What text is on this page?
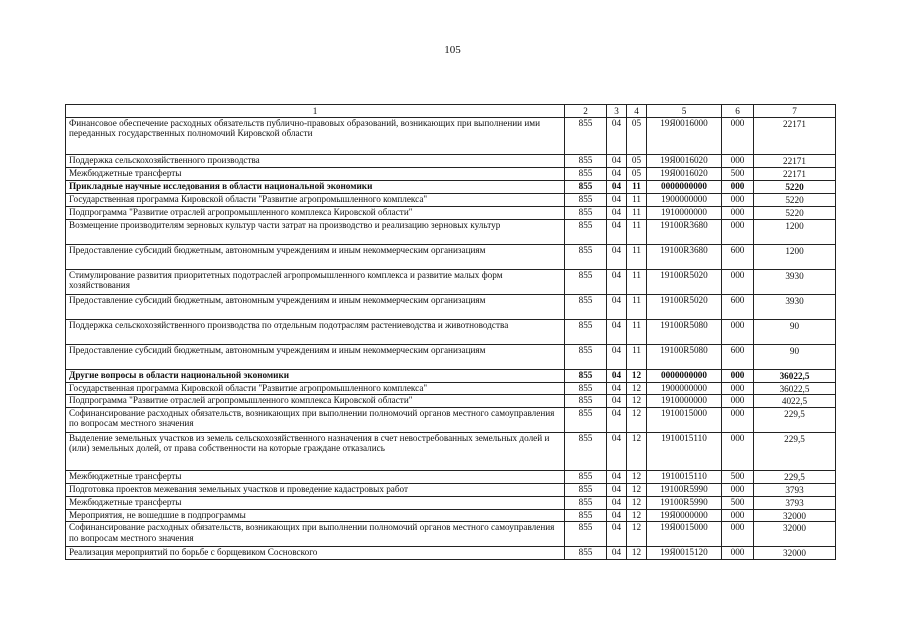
105
1	2	3	4	5	6	7
Финансовое обеспечение расходных обязательств публично-правовых образований, возникающих при выполнении ими переданных государственных полномочий Кировской области	855	04	05	19Я0016000	000	22171
Поддержка сельскохозяйственного производства	855	04	05	19Я0016020	000	22171
Межбюджетные трансферты	855	04	05	19Я0016020	500	22171
Прикладные научные исследования в области национальной экономики	855	04	11	0000000000	000	5220
Государственная программа Кировской области "Развитие агропромышленного комплекса"	855	04	11	1900000000	000	5220
Подпрограмма "Развитие отраслей агропромышленного комплекса Кировской области"	855	04	11	1910000000	000	5220
Возмещение производителям зерновых культур части затрат на производство и реализацию зерновых культур	855	04	11	19100R3680	000	1200
Предоставление субсидий бюджетным, автономным учреждениям и иным некоммерческим организациям	855	04	11	19100R3680	600	1200
Стимулирование развития приоритетных подотраслей агропромышленного комплекса и развитие малых форм хозяйствования	855	04	11	19100R5020	000	3930
Предоставление субсидий бюджетным, автономным учреждениям и иным некоммерческим организациям	855	04	11	19100R5020	600	3930
Поддержка сельскохозяйственного производства по отдельным подотраслям растениеводства и животноводства	855	04	11	19100R5080	000	90
Предоставление субсидий бюджетным, автономным учреждениям и иным некоммерческим организациям	855	04	11	19100R5080	600	90
Другие вопросы в области национальной экономики	855	04	12	0000000000	000	36022,5
Государственная программа Кировской области "Развитие агропромышленного комплекса"	855	04	12	1900000000	000	36022,5
Подпрограмма "Развитие отраслей агропромышленного комплекса Кировской области"	855	04	12	1910000000	000	4022,5
Софинансирование расходных обязательств, возникающих при выполнении полномочий органов местного самоуправления по вопросам местного значения	855	04	12	1910015000	000	229,5
Выделение земельных участков из земель сельскохозяйственного назначения в счет невостребованных земельных долей и (или) земельных долей, от права собственности на которые граждане отказались	855	04	12	1910015110	000	229,5
Межбюджетные трансферты	855	04	12	1910015110	500	229,5
Подготовка проектов межевания земельных участков и проведение кадастровых работ	855	04	12	19100R5990	000	3793
Межбюджетные трансферты	855	04	12	19100R5990	500	3793
Мероприятия, не вошедшие в подпрограммы	855	04	12	19Я0000000	000	32000
Софинансирование расходных обязательств, возникающих при выполнении полномочий органов местного самоуправления по вопросам местного значения	855	04	12	19Я0015000	000	32000
Реализация мероприятий по борьбе с борщевиком Сосновского	855	04	12	19Я0015120	000	32000
